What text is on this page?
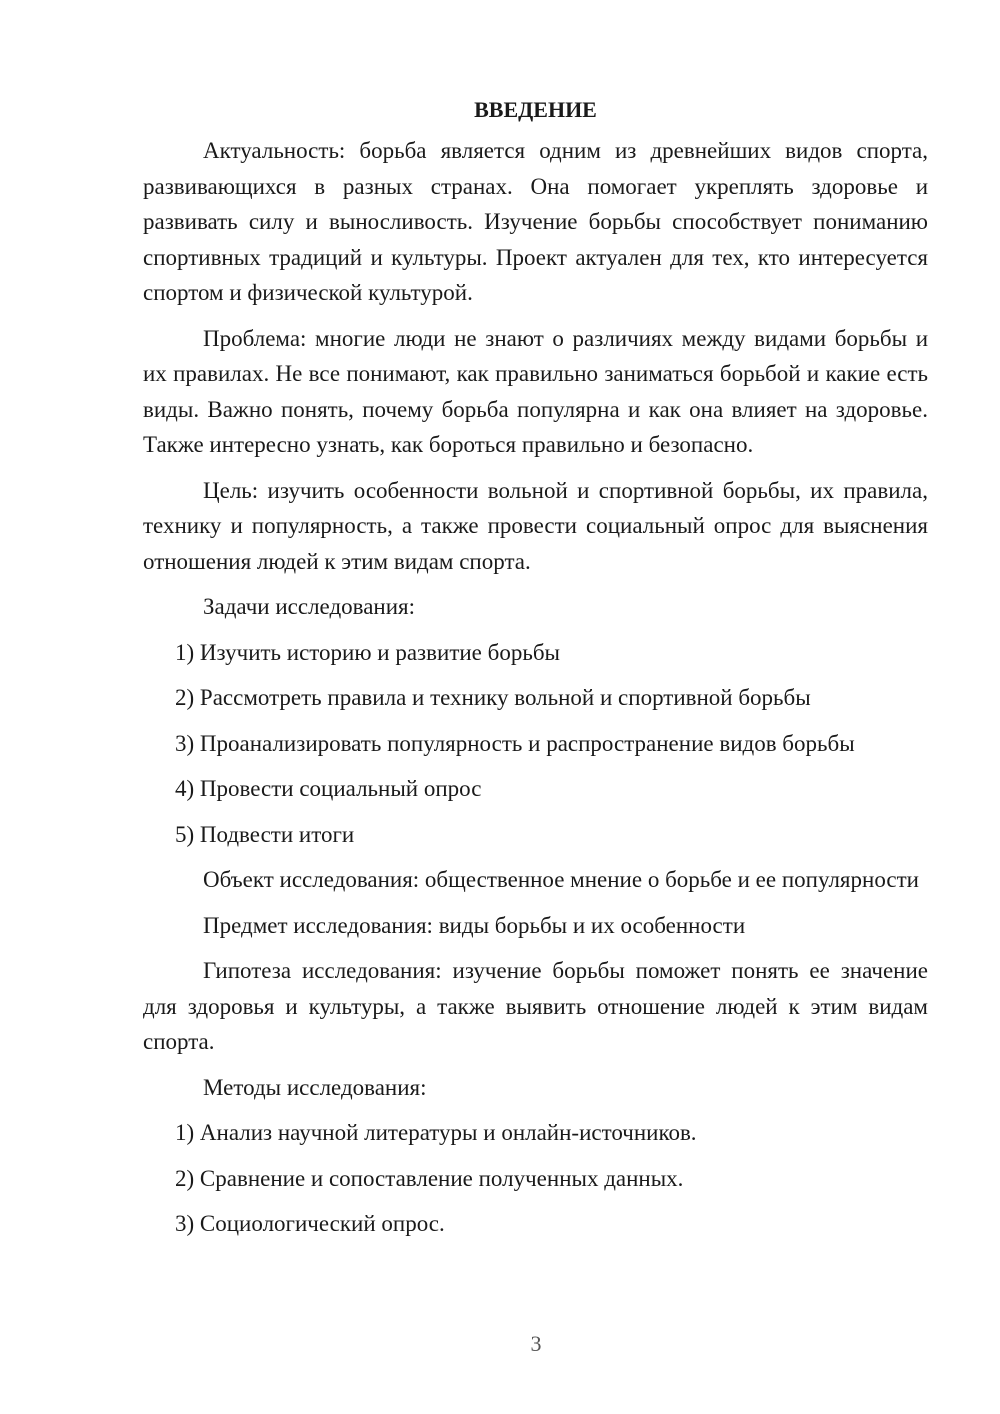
ВВЕДЕНИЕ

Актуальность: борьба является одним из древнейших видов спорта, развивающихся в разных странах. Она помогает укреплять здоровье и развивать силу и выносливость. Изучение борьбы способствует пониманию спортивных традиций и культуры. Проект актуален для тех, кто интересуется спортом и физической культурой.

Проблема: многие люди не знают о различиях между видами борьбы и их правилах. Не все понимают, как правильно заниматься борьбой и какие есть виды. Важно понять, почему борьба популярна и как она влияет на здоровье. Также интересно узнать, как бороться правильно и безопасно.

Цель: изучить особенности вольной и спортивной борьбы, их правила, технику и популярность, а также провести социальный опрос для выяснения отношения людей к этим видам спорта.

Задачи исследования:

1) Изучить историю и развитие борьбы
2) Рассмотреть правила и технику вольной и спортивной борьбы
3) Проанализировать популярность и распространение видов борьбы
4) Провести социальный опрос
5) Подвести итоги

Объект исследования: общественное мнение о борьбе и ее популярности

Предмет исследования: виды борьбы и их особенности

Гипотеза исследования: изучение борьбы поможет понять ее значение для здоровья и культуры, а также выявить отношение людей к этим видам спорта.

Методы исследования:

1) Анализ научной литературы и онлайн-источников.
2) Сравнение и сопоставление полученных данных.
3) Социологический опрос.
3
